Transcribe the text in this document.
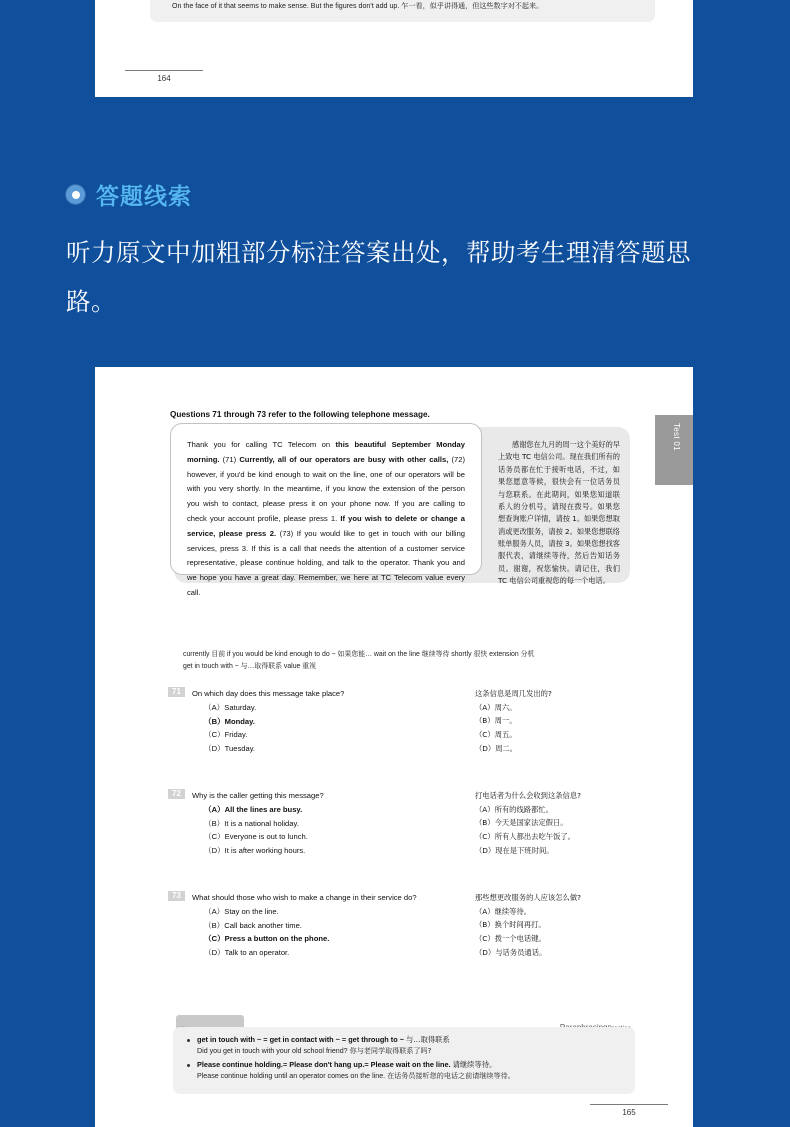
On the face of it that seems to make sense. But the figures don't add up. 乍一看，似乎讲得通，但这些数字对不起来。
164
答题线索
听力原文中加粗部分标注答案出处，帮助考生理清答题思路。
Test 01
Questions 71 through 73 refer to the following telephone message.
感谢您在九月的周一这个美好的早上致电 TC 电信公司。现在我们所有的话务员都在忙于接听电话，不过，如果您愿意等候，很快会有一位话务员与您联系。在此期间，如果您知道联系人的分机号，请现在拨号。如果您想查询账户详情，请按 1。如果您想取消或更改服务，请按 2。如果您想联络账单服务人员，请按 3。如果您想找客服代表，请继续等待，然后告知话务员。谢谢，祝您愉快。请记住，我们 TC 电信公司重视您的每一个电话。
Thank you for calling TC Telecom on this beautiful September Monday morning. (71) Currently, all of our operators are busy with other calls, (72) however, if you'd be kind enough to wait on the line, one of our operators will be with you very shortly. In the meantime, if you know the extension of the person you wish to contact, please press it on your phone now. If you are calling to check your account profile, please press 1. If you wish to delete or change a service, please press 2. (73) If you would like to get in touch with our billing services, press 3. If this is a call that needs the attention of a customer service representative, please continue holding, and talk to the operator. Thank you and we hope you have a great day. Remember, we here at TC Telecom value every call.
currently 目前 if you would be kind enough to do ~ 如果您能… wait on the line 继续等待 shortly 很快 extension 分机
get in touch with ~ 与…取得联系 value 重视
71	On which day does this message take place?
（A）Saturday.
（B）Monday.
（C）Friday.
（D）Tuesday.
这条信息是周几发出的?
（A）周六。
（B）周一。
（C）周五。
（D）周二。
72	Why is the caller getting this message?
（A）All the lines are busy.
（B）It is a national holiday.
（C）Everyone is out to lunch.
（D）It is after working hours.
打电话者为什么会收到这条信息?
（A）所有的线路都忙。
（B）今天是国家法定假日。
（C）所有人都出去吃午饭了。
（D）现在是下班时间。
73	What should those who wish to make a change in their service do?
（A）Stay on the line.
（B）Call back another time.
（C）Press a button on the phone.
（D）Talk to an operator.
那些想更改服务的人应该怎么做?
（A）继续等待。
（B）换个时间再打。
（C）拨一个电话键。
（D）与话务员通话。
get in touch with ~ = get in contact with ~ = get through to ~ 与…取得联系
Did you get in touch with your old school friend? 你与老同学取得联系了吗?
Please continue holding.= Please don't hang up.= Please wait on the line. 请继续等待。
Please continue holding until an operator comes on the line. 在话务员接听您的电话之前请继续等待。
165
